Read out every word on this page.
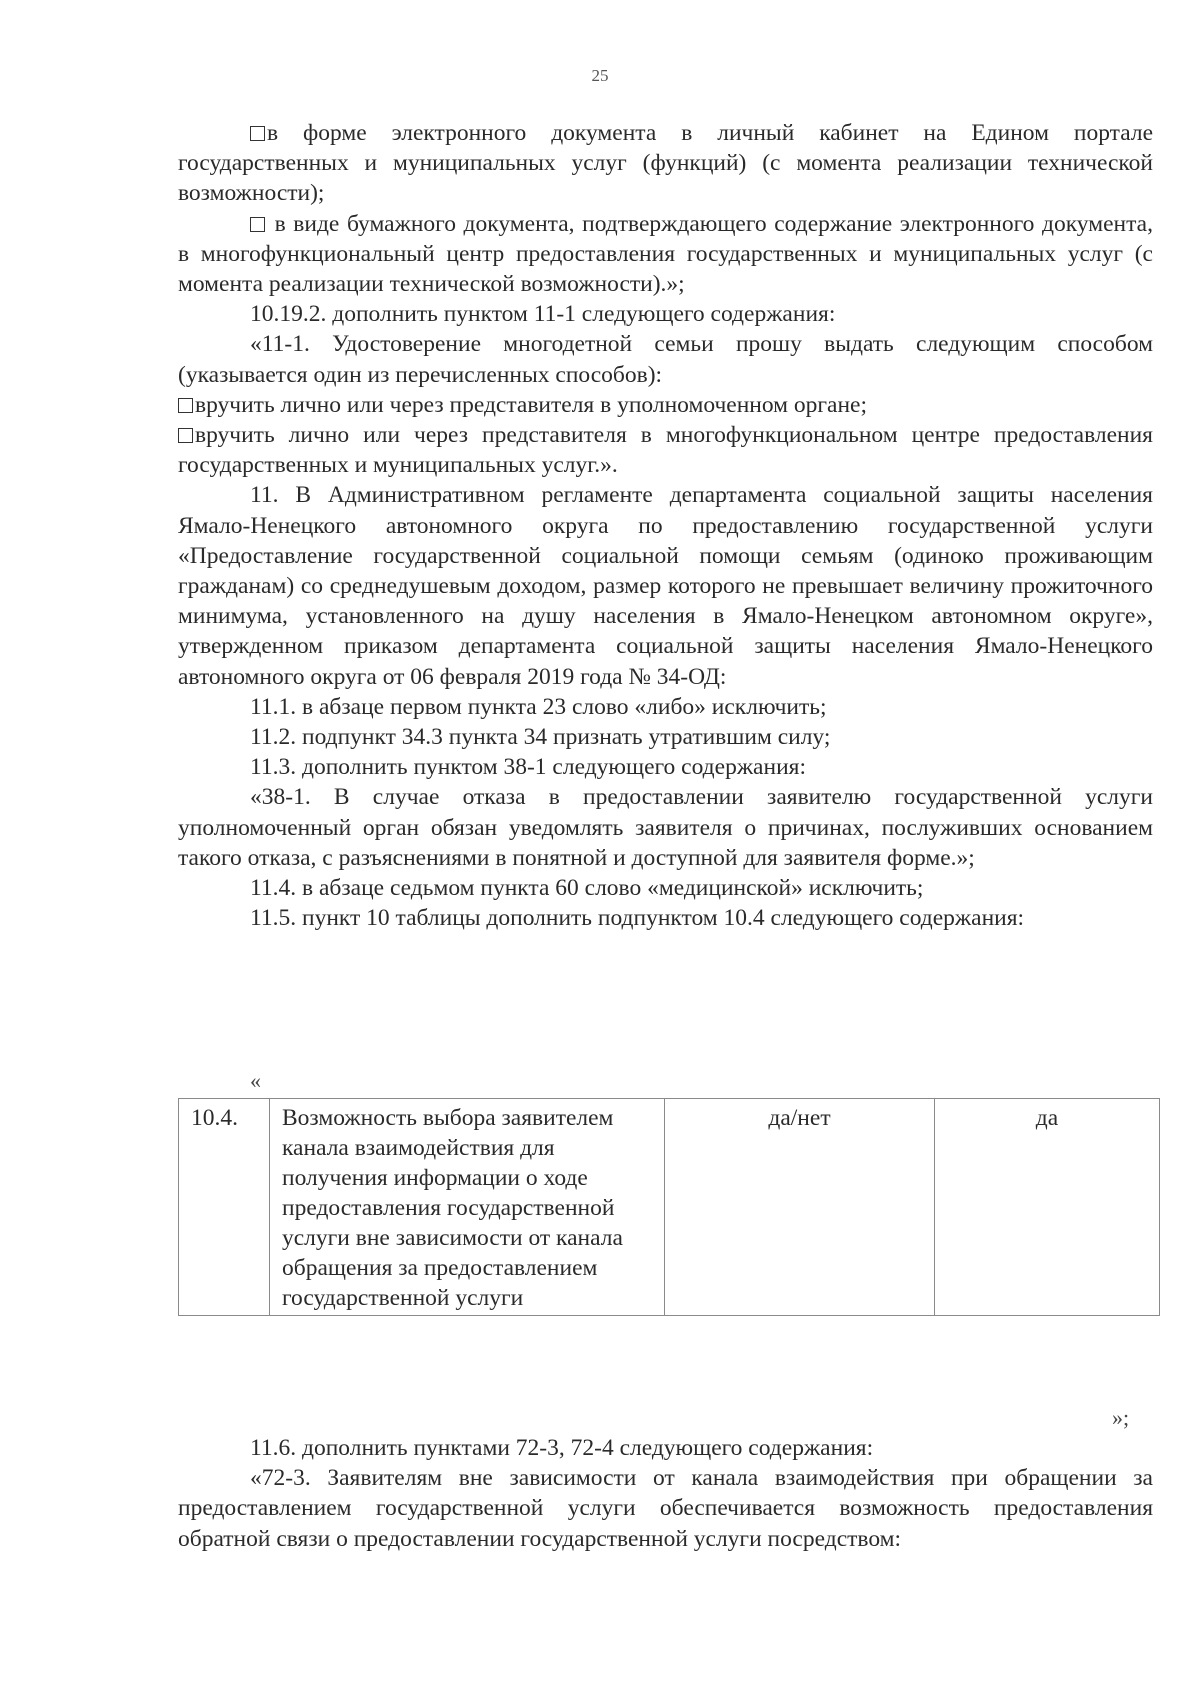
25

в форме электронного документа в личный кабинет на Едином портале государственных и муниципальных услуг (функций) (с момента реализации технической возможности);

в виде бумажного документа, подтверждающего содержание электронного документа, в многофункциональный центр предоставления государственных и муниципальных услуг (с момента реализации технической возможности).»;

10.19.2. дополнить пунктом 11-1 следующего содержания:

«11-1. Удостоверение многодетной семьи прошу выдать следующим способом (указывается один из перечисленных способов):

вручить лично или через представителя в уполномоченном органе;

вручить лично или через представителя в многофункциональном центре предоставления государственных и муниципальных услуг.».

11. В Административном регламенте департамента социальной защиты населения Ямало-Ненецкого автономного округа по предоставлению государственной услуги «Предоставление государственной социальной помощи семьям (одиноко проживающим гражданам) со среднедушевым доходом, размер которого не превышает величину прожиточного минимума, установленного на душу населения в Ямало-Ненецком автономном округе», утвержденном приказом департамента социальной защиты населения Ямало-Ненецкого автономного округа от 06 февраля 2019 года № 34-ОД:

11.1. в абзаце первом пункта 23 слово «либо» исключить;

11.2. подпункт 34.3 пункта 34 признать утратившим силу;

11.3. дополнить пунктом 38-1 следующего содержания:

«38-1. В случае отказа в предоставлении заявителю государственной услуги уполномоченный орган обязан уведомлять заявителя о причинах, послуживших основанием такого отказа, с разъяснениями в понятной и доступной для заявителя форме.»;

11.4. в абзаце седьмом пункта 60 слово «медицинской» исключить;

11.5. пункт 10 таблицы дополнить подпунктом 10.4 следующего содержания:

«
10.4.	Возможность выбора заявителем канала взаимодействия для получения информации о ходе предоставления государственной услуги вне зависимости от канала обращения за предоставлением государственной услуги	да/нет	да
»;

11.6. дополнить пунктами 72-3, 72-4 следующего содержания:

«72-3. Заявителям вне зависимости от канала взаимодействия при обращении за предоставлением государственной услуги обеспечивается возможность предоставления обратной связи о предоставлении государственной услуги посредством:
